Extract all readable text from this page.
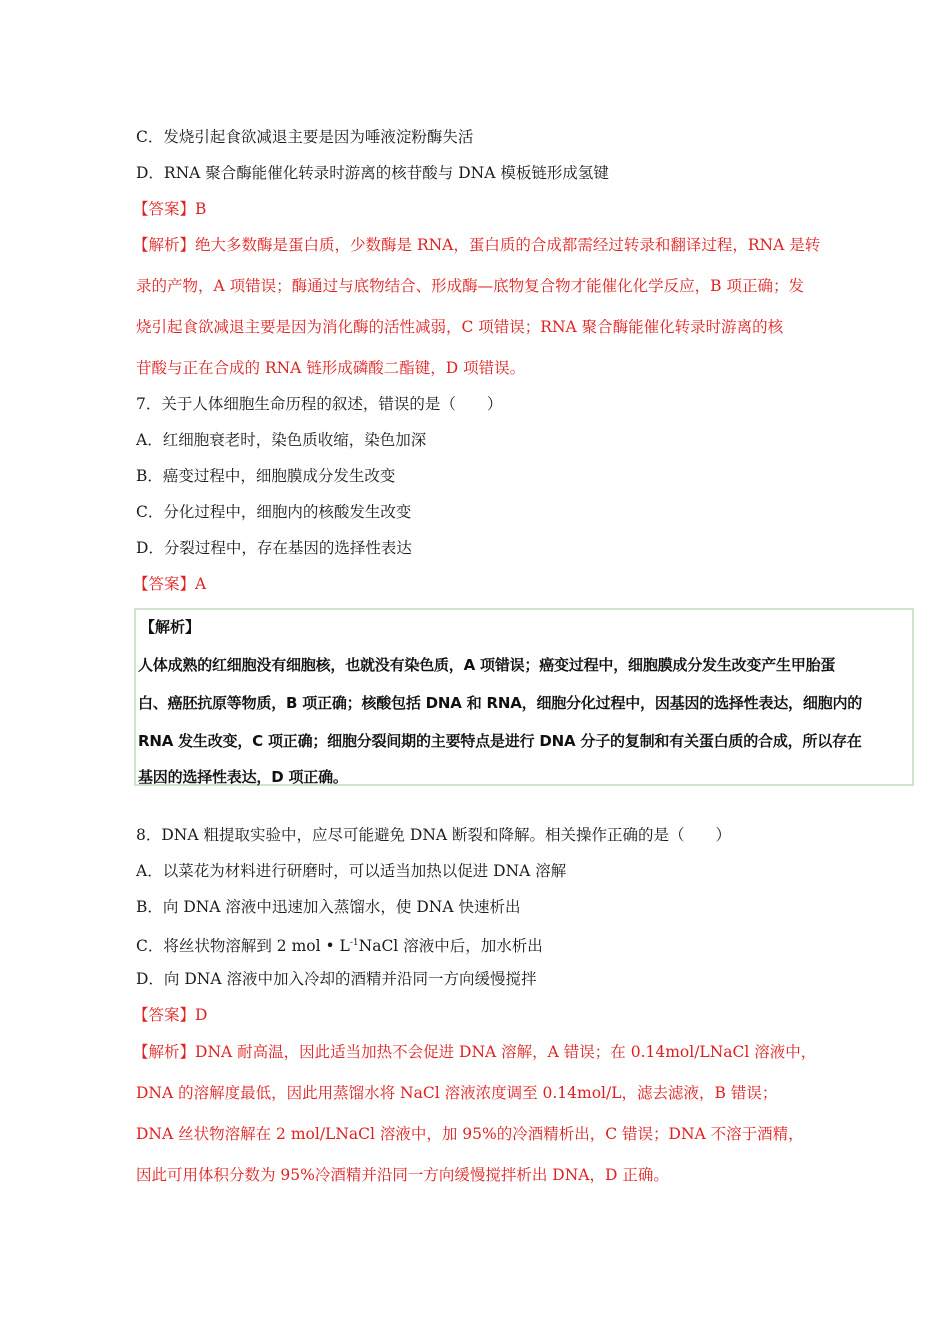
C．发烧引起食欲减退主要是因为唾液淀粉酶失活
D．RNA 聚合酶能催化转录时游离的核苷酸与 DNA 模板链形成氢键
【答案】B
【解析】绝大多数酶是蛋白质，少数酶是 RNA，蛋白质的合成都需经过转录和翻译过程，RNA 是转
录的产物，A 项错误；酶通过与底物结合、形成酶—底物复合物才能催化化学反应，B 项正确；发
烧引起食欲减退主要是因为消化酶的活性减弱，C 项错误；RNA 聚合酶能催化转录时游离的核
苷酸与正在合成的 RNA 链形成磷酸二酯键，D 项错误。
7．关于人体细胞生命历程的叙述，错误的是（　　）
A．红细胞衰老时，染色质收缩，染色加深
B．癌变过程中，细胞膜成分发生改变
C．分化过程中，细胞内的核酸发生改变
D．分裂过程中，存在基因的选择性表达
【答案】A
【解析】
人体成熟的红细胞没有细胞核，也就没有染色质，A 项错误；癌变过程中，细胞膜成分发生改变产生甲胎蛋
白、癌胚抗原等物质，B 项正确；核酸包括 DNA 和 RNA，细胞分化过程中，因基因的选择性表达，细胞内的
RNA 发生改变，C 项正确；细胞分裂间期的主要特点是进行 DNA 分子的复制和有关蛋白质的合成，所以存在
基因的选择性表达，D 项正确。
8．DNA 粗提取实验中，应尽可能避免 DNA 断裂和降解。相关操作正确的是（　　）
A．以菜花为材料进行研磨时，可以适当加热以促进 DNA 溶解
B．向 DNA 溶液中迅速加入蒸馏水，使 DNA 快速析出
C．将丝状物溶解到 2 mol • $L^{-1}NaCl$ 溶液中后，加水析出
D．向 DNA 溶液中加入冷却的酒精并沿同一方向缓慢搅拌
【答案】D
【解析】DNA 耐高温，因此适当加热不会促进 DNA 溶解，A 错误；在 0.14mol/LNaCl 溶液中，
DNA 的溶解度最低，因此用蒸馏水将 NaCl 溶液浓度调至 0.14mol/L，滤去滤液，B 错误；
DNA 丝状物溶解在 2 mol/LNaCl 溶液中，加 95%的冷酒精析出，C 错误；DNA 不溶于酒精，
因此可用体积分数为 95%冷酒精并沿同一方向缓慢搅拌析出 DNA，D 正确。
